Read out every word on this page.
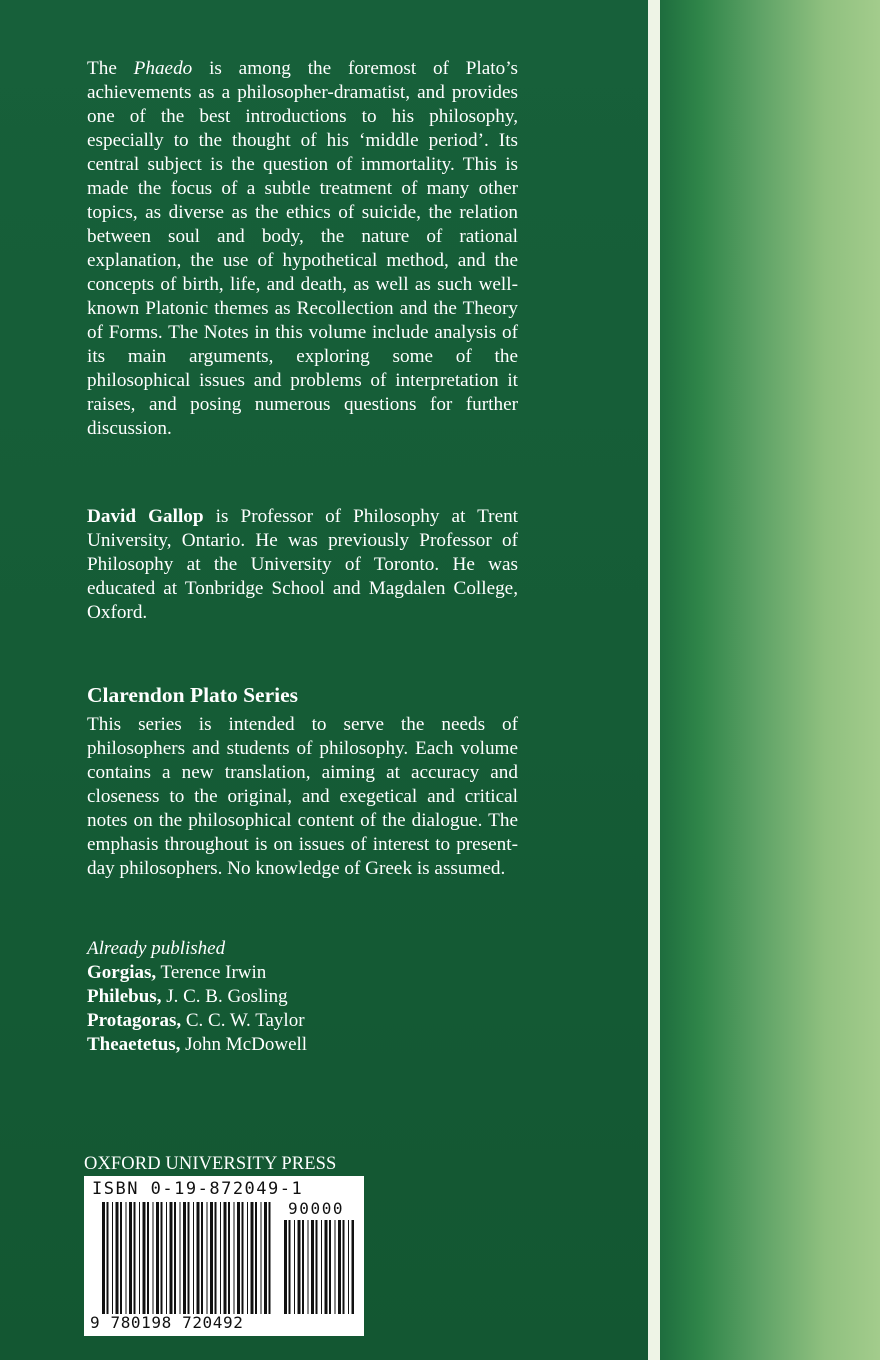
The Phaedo is among the foremost of Plato’s achievements as a philosopher-dramatist, and provides one of the best introductions to his philosophy, especially to the thought of his ‘middle period’. Its central subject is the question of immortality. This is made the focus of a subtle treatment of many other topics, as diverse as the ethics of suicide, the relation between soul and body, the nature of rational explanation, the use of hypothetical method, and the concepts of birth, life, and death, as well as such well-known Platonic themes as Recollection and the Theory of Forms. The Notes in this volume include analysis of its main arguments, exploring some of the philosophical issues and problems of interpretation it raises, and posing numerous questions for further discussion.

David Gallop is Professor of Philosophy at Trent University, Ontario. He was previously Professor of Philosophy at the University of Toronto. He was educated at Tonbridge School and Magdalen College, Oxford.

Clarendon Plato Series

This series is intended to serve the needs of philosophers and students of philosophy. Each volume contains a new translation, aiming at accuracy and closeness to the original, and exegetical and critical notes on the philosophical content of the dialogue. The emphasis throughout is on issues of interest to present-day philosophers. No knowledge of Greek is assumed.

Already published
Gorgias, Terence Irwin
Philebus, J. C. B. Gosling
Protagoras, C. C. W. Taylor
Theaetetus, John McDowell
OXFORD UNIVERSITY PRESS
ISBN 0-19-872049-1
90000
9 780198 720492
